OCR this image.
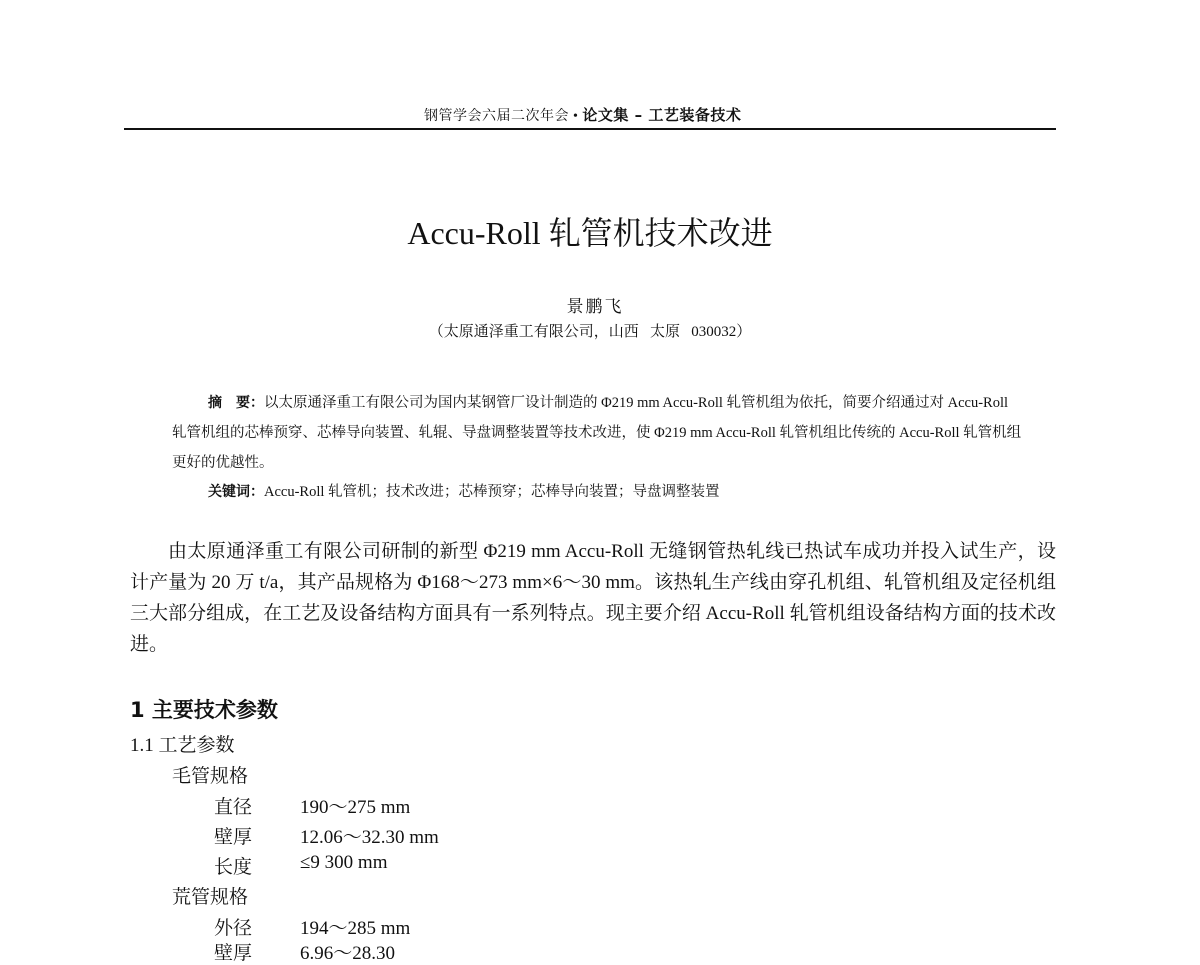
钢管学会六届二次年会 • 论文集 – 工艺装备技术
Accu-Roll 轧管机技术改进
景鹏飞
（太原通泽重工有限公司，山西   太原   030032）

摘　要：以太原通泽重工有限公司为国内某钢管厂设计制造的 Φ219 mm Accu-Roll 轧管机组为依托，简要介绍通过对 Accu-Roll 轧管机组的芯棒预穿、芯棒导向装置、轧辊、导盘调整装置等技术改进，使 Φ219 mm Accu-Roll 轧管机组比传统的 Accu-Roll 轧管机组更好的优越性。

关键词：Accu-Roll 轧管机；技术改进；芯棒预穿；芯棒导向装置；导盘调整装置

由太原通泽重工有限公司研制的新型 Φ219 mm Accu-Roll 无缝钢管热轧线已热试车成功并投入试生产，设计产量为 20 万 t/a，其产品规格为 Φ168～273 mm×6～30 mm。该热轧生产线由穿孔机组、轧管机组及定径机组三大部分组成，在工艺及设备结构方面具有一系列特点。现主要介绍 Accu-Roll 轧管机组设备结构方面的技术改进。

1 主要技术参数
1.1 工艺参数
毛管规格
直径	190～275 mm
壁厚	12.06～32.30 mm
长度	≤9 300 mm
荒管规格
外径	194～285 mm
壁厚	6.96～28.30
